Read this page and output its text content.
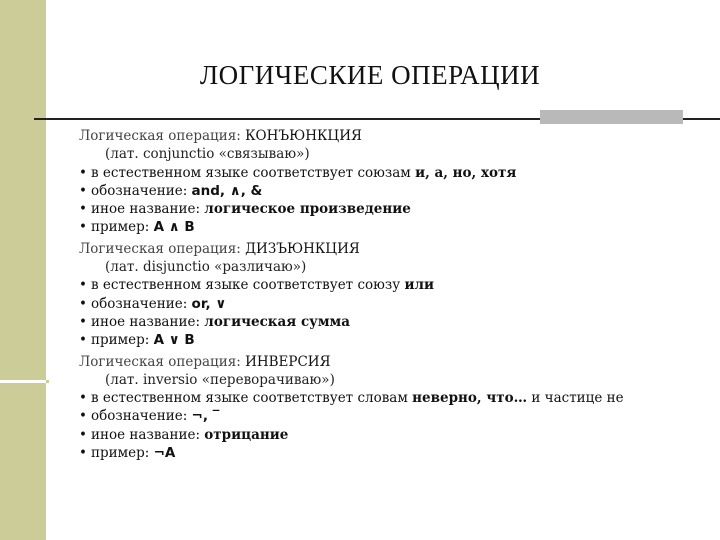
ЛОГИЧЕСКИЕ ОПЕРАЦИИ
Логическая операция: КОНЪЮНКЦИЯ
(лат. conjunctio «связываю»)
• в естественном языке соответствует союзам и, а, но, хотя
• обозначение: and, ∧, &
• иное название: логическое произведение
• пример: A ∧ B
Логическая операция: ДИЗЪЮНКЦИЯ
(лат. disjunctio «различаю»)
• в естественном языке соответствует союзу или
• обозначение: or, ∨
• иное название: логическая сумма
• пример: A ∨ B
Логическая операция: ИНВЕРСИЯ
(лат. inversio «переворачиваю»)
• в естественном языке соответствует словам неверно, что… и частице не
• обозначение: ¬, ‾
• иное название: отрицание
• пример: ¬A
